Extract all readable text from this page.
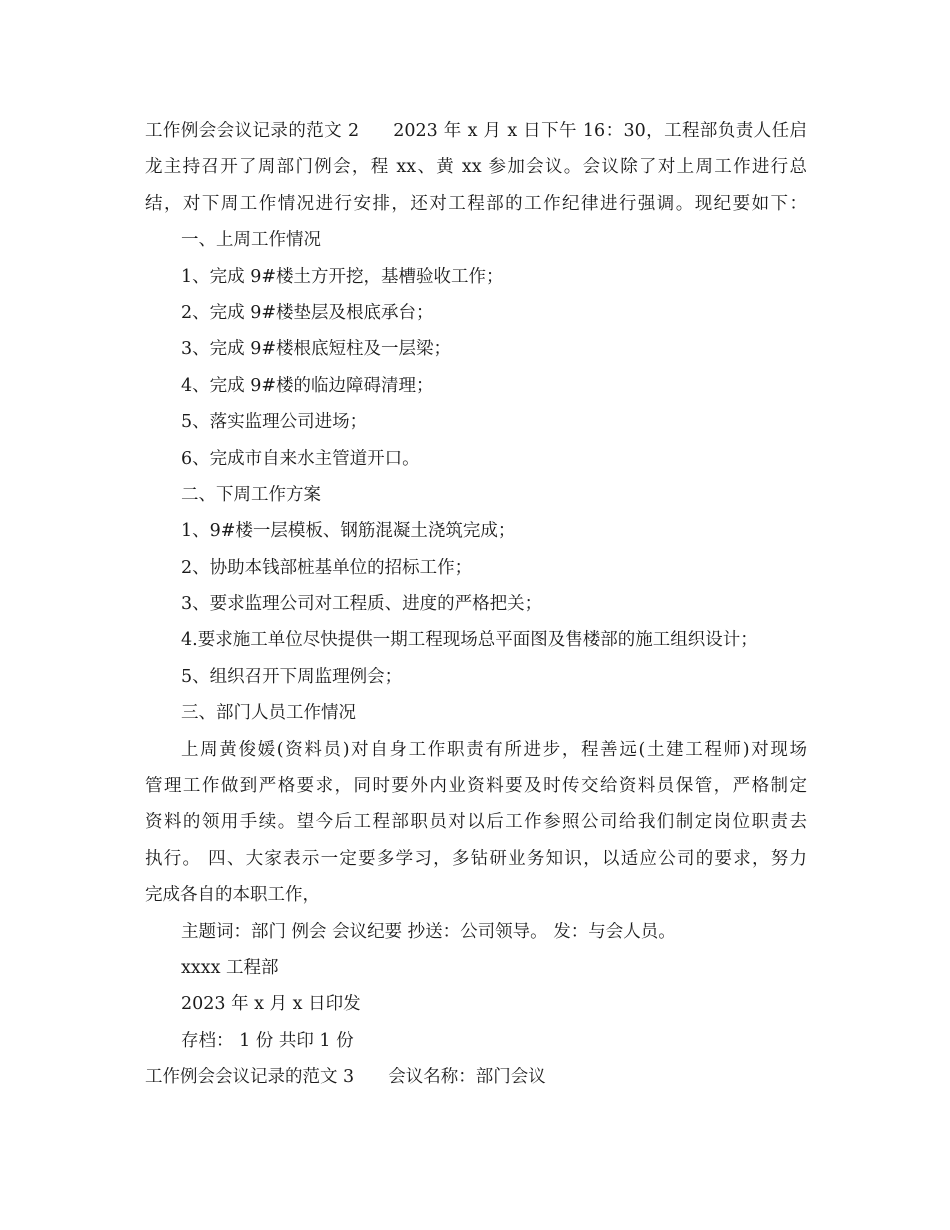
工作例会会议记录的范文 2 2023 年 x 月 x 日下午 16：30，工程部负责人任启
龙主持召开了周部门例会，程 xx、黄 xx 参加会议。会议除了对上周工作进行总
结，对下周工作情况进行安排，还对工程部的工作纪律进行强调。现纪要如下：
一、上周工作情况
1、完成 9#楼土方开挖，基槽验收工作；
2、完成 9#楼垫层及根底承台；
3、完成 9#楼根底短柱及一层梁；
4、完成 9#楼的临边障碍清理；
5、落实监理公司进场；
6、完成市自来水主管道开口。
二、下周工作方案
1、9#楼一层模板、钢筋混凝土浇筑完成；
2、协助本钱部桩基单位的招标工作；
3、要求监理公司对工程质、进度的严格把关；
4.要求施工单位尽快提供一期工程现场总平面图及售楼部的施工组织设计；
5、组织召开下周监理例会；
三、部门人员工作情况
上周黄俊媛(资料员)对自身工作职责有所进步，程善远(土建工程师)对现场
管理工作做到严格要求，同时要外内业资料要及时传交给资料员保管，严格制定
资料的领用手续。望今后工程部职员对以后工作参照公司给我们制定岗位职责去
执行。 四、大家表示一定要多学习，多钻研业务知识，以适应公司的要求，努力
完成各自的本职工作，
主题词：部门 例会 会议纪要 抄送：公司领导。 发：与会人员。
xxxx 工程部
2023 年 x 月 x 日印发
存档： 1 份 共印 1 份
工作例会会议记录的范文 3 会议名称：部门会议
